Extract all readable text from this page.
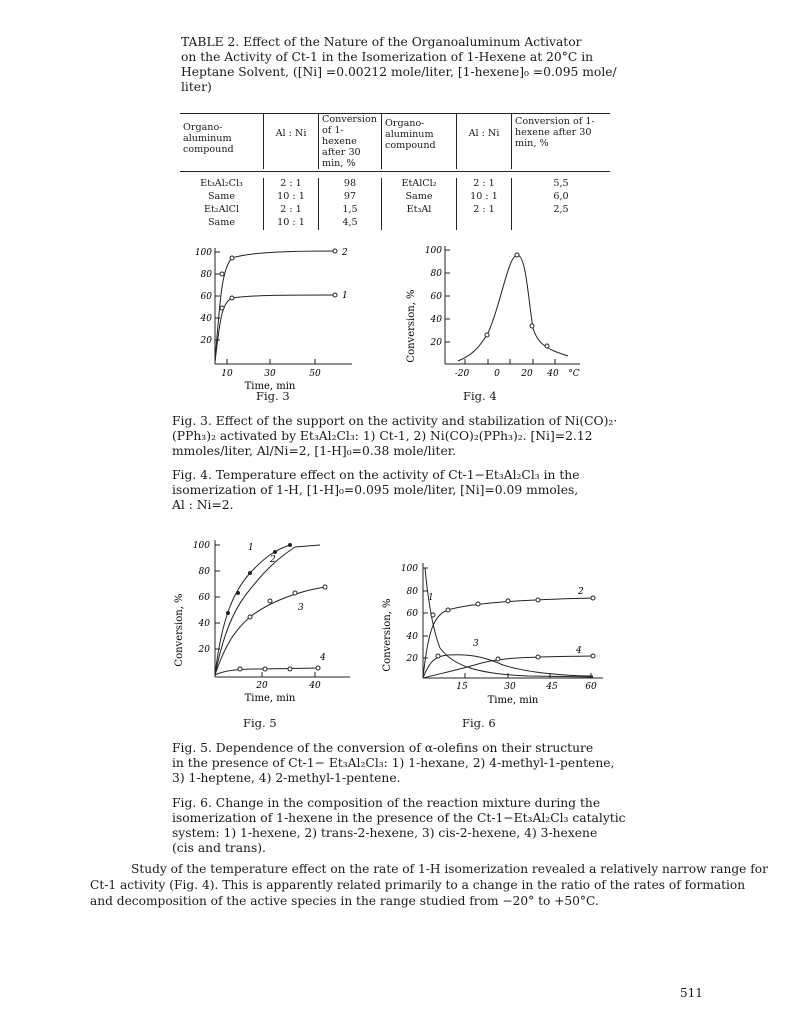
TABLE 2. Effect of the Nature of the Organoaluminum Activator
on the Activity of Ct-1 in the Isomerization of 1-Hexene at 20°C in
Heptane Solvent, ([Ni] =0.00212 mole/liter, [1-hexene]₀ =0.095 mole/
liter)
Organo- aluminum compound	Al : Ni	Conversion of 1-hexene after 30 min, %	Organo- aluminum compound	Al : Ni	Conversion of 1-hexene after 30 min, %

Et₃Al₂Cl₃	2 : 1	98	EtAlCl₂	2 : 1	5,5
Same	10 : 1	97	Same	10 : 1	6,0
Et₂AlCl	2 : 1	1,5	Et₃Al	2 : 1	2,5
Same	10 : 1	4,5			
100
80
60
40
20
10	30	50
2
1
Time, min
Fig. 3
Conversion, %
100
80
60
40
20
-20	0 20 40 °C
Fig. 4
Fig. 3. Effect of the support on the activity and stabilization of Ni(CO)₂·
(PPh₃)₂ activated by Et₃Al₂Cl₃: 1) Ct-1, 2) Ni(CO)₂(PPh₃)₂. [Ni]=2.12
mmoles/liter, Al/Ni=2, [1-H]₀=0.38 mole/liter.
Fig. 4. Temperature effect on the activity of Ct-1−Et₃Al₂Cl₃ in the
isomerization of 1-H, [1-H]₀=0.095 mole/liter, [Ni]=0.09 mmoles,
Al : Ni=2.
Conversion, %
100
80
60
40
20
20	40
1
2
3
4
Time, min
Fig. 5
Conversion, %
100
80
60
40
20
15	30	45	60
1
2
3
4
Time, min
Fig. 6
Fig. 5. Dependence of the conversion of α-olefins on their structure
in the presence of Ct-1− Et₃Al₂Cl₃: 1) 1-hexane, 2) 4-methyl-1-pentene,
3) 1-heptene, 4) 2-methyl-1-pentene.
Fig. 6. Change in the composition of the reaction mixture during the
isomerization of 1-hexene in the presence of the Ct-1−Et₃Al₂Cl₃ catalytic
system: 1) 1-hexene, 2) trans-2-hexene, 3) cis-2-hexene, 4) 3-hexene
(cis and trans).
Study of the temperature effect on the rate of 1-H isomerization revealed a relatively narrow range for
Ct-1 activity (Fig. 4). This is apparently related primarily to a change in the ratio of the rates of formation
and decomposition of the active species in the range studied from −20° to +50°C.
511
